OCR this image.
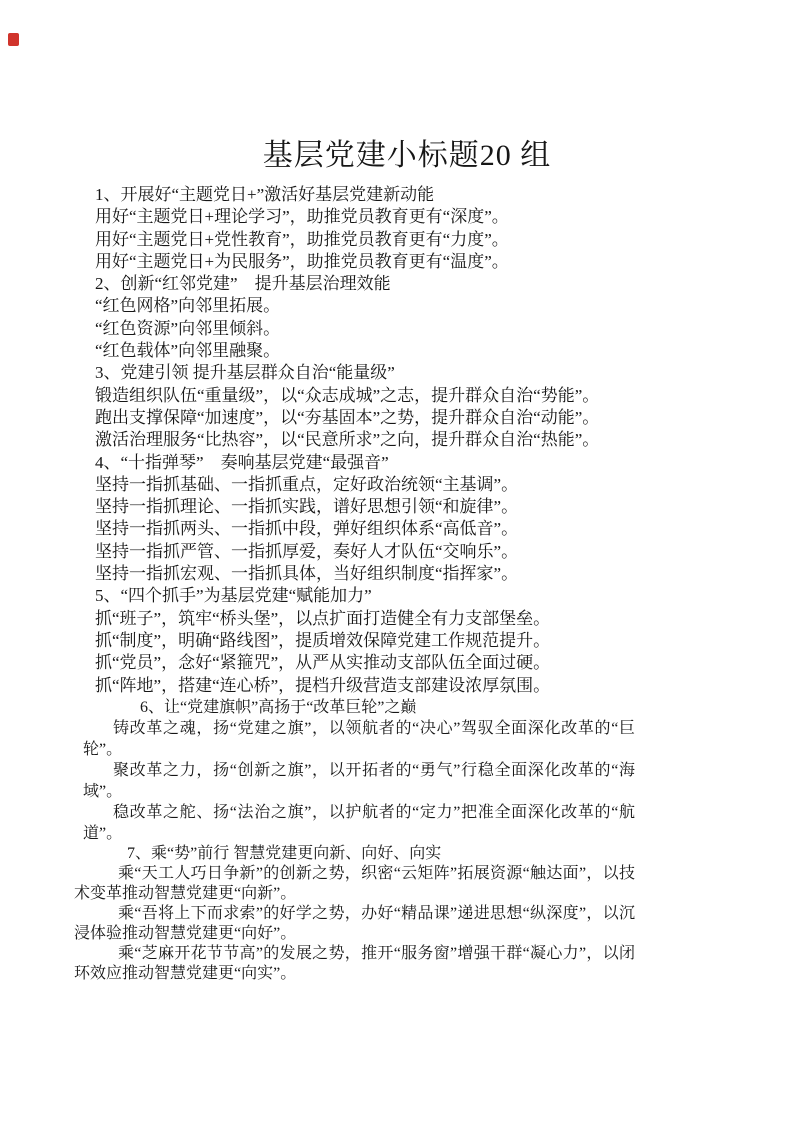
基层党建小标题20 组

1、开展好“主题党日+”激活好基层党建新动能

用好“主题党日+理论学习”，助推党员教育更有“深度”。

用好“主题党日+党性教育”，助推党员教育更有“力度”。

用好“主题党日+为民服务”，助推党员教育更有“温度”。

2、创新“红邻党建”　提升基层治理效能

“红色网格”向邻里拓展。

“红色资源”向邻里倾斜。

“红色载体”向邻里融聚。

3、党建引领 提升基层群众自治“能量级”

锻造组织队伍“重量级”，以“众志成城”之志，提升群众自治“势能”。

跑出支撑保障“加速度”，以“夯基固本”之势，提升群众自治“动能”。

激活治理服务“比热容”，以“民意所求”之向，提升群众自治“热能”。

4、“十指弹琴”　奏响基层党建“最强音”

坚持一指抓基础、一指抓重点，定好政治统领“主基调”。

坚持一指抓理论、一指抓实践，谱好思想引领“和旋律”。

坚持一指抓两头、一指抓中段，弹好组织体系“高低音”。

坚持一指抓严管、一指抓厚爱，奏好人才队伍“交响乐”。

坚持一指抓宏观、一指抓具体，当好组织制度“指挥家”。

5、“四个抓手”为基层党建“赋能加力”

抓“班子”，筑牢“桥头堡”，以点扩面打造健全有力支部堡垒。

抓“制度”，明确“路线图”，提质增效保障党建工作规范提升。

抓“党员”，念好“紧箍咒”，从严从实推动支部队伍全面过硬。

抓“阵地”，搭建“连心桥”，提档升级营造支部建设浓厚氛围。

6、让“党建旗帜”高扬于“改革巨轮”之巅

铸改革之魂，扬“党建之旗”，以领航者的“决心”驾驭全面深化改革的“巨轮”。

聚改革之力，扬“创新之旗”，以开拓者的“勇气”行稳全面深化改革的“海域”。

稳改革之舵、扬“法治之旗”，以护航者的“定力”把准全面深化改革的“航道”。

7、乘“势”前行 智慧党建更向新、向好、向实

乘“天工人巧日争新”的创新之势，织密“云矩阵”拓展资源“触达面”，以技术变革推动智慧党建更“向新”。

乘“吾将上下而求索”的好学之势，办好“精品课”递进思想“纵深度”，以沉浸体验推动智慧党建更“向好”。

乘“芝麻开花节节高”的发展之势，推开“服务窗”增强干群“凝心力”，以闭环效应推动智慧党建更“向实”。
